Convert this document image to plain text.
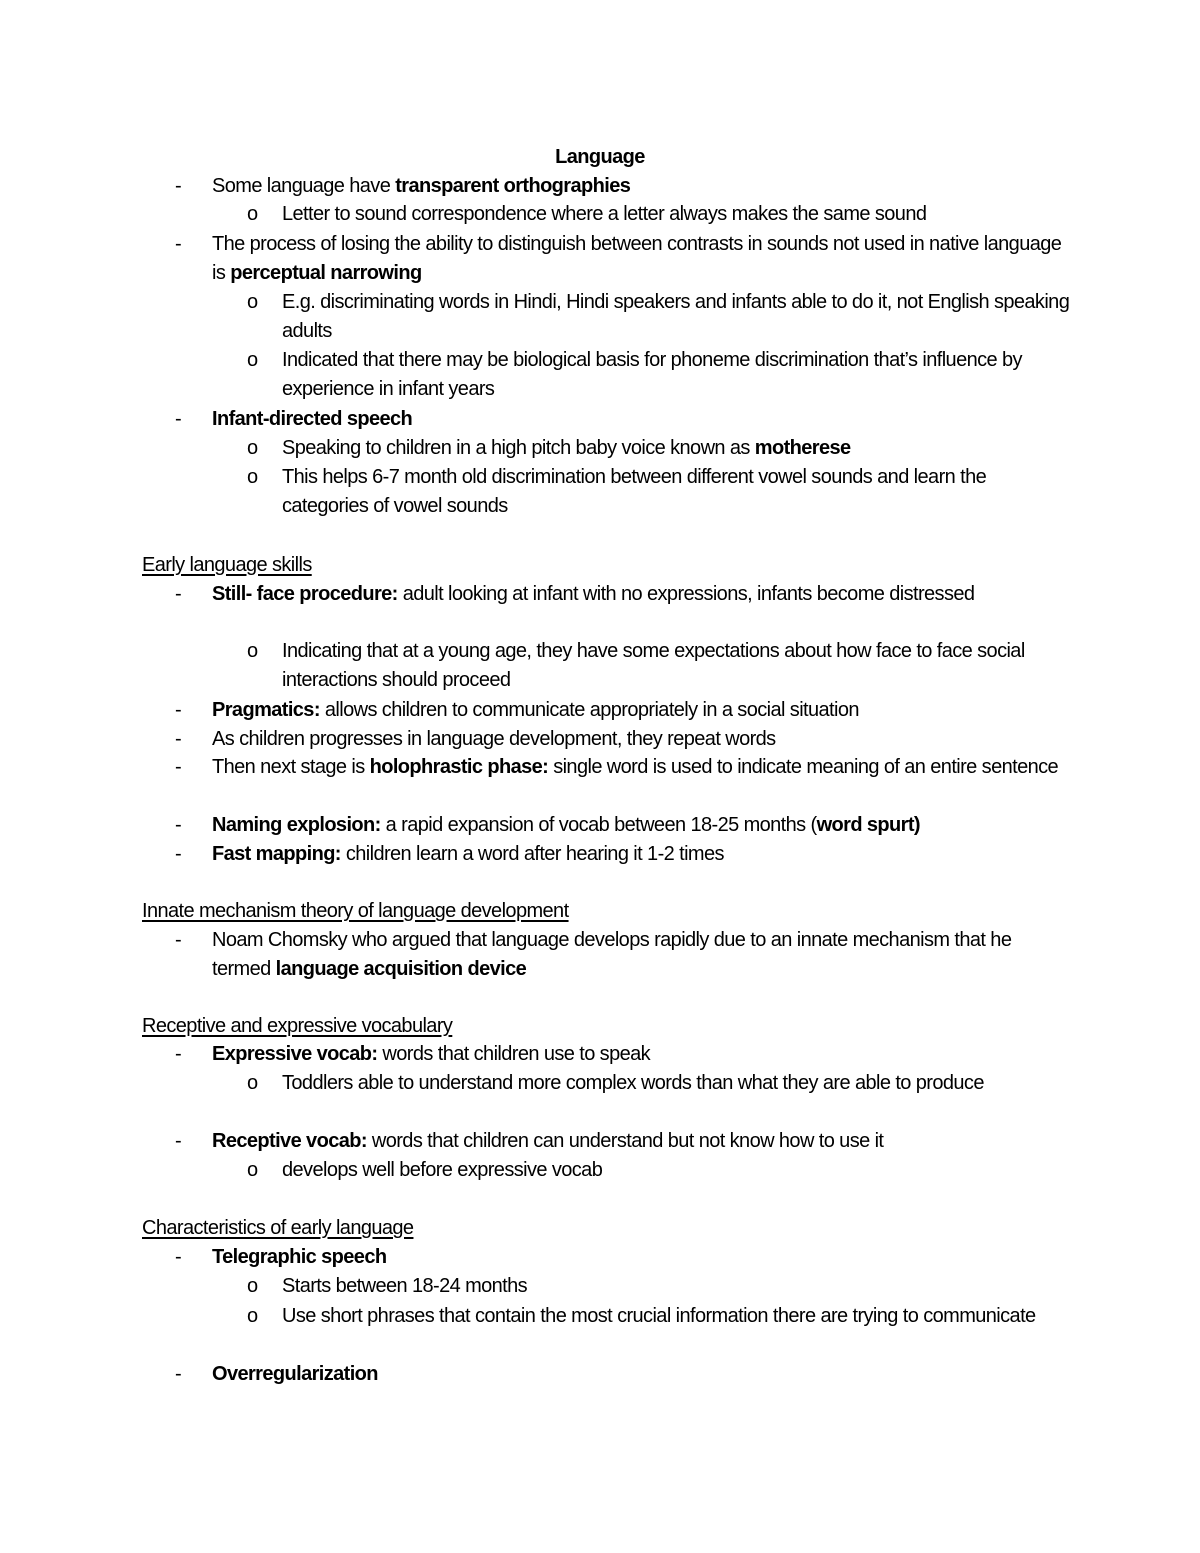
Language
- Some language have transparent orthographies
o Letter to sound correspondence where a letter always makes the same sound
- The process of losing the ability to distinguish between contrasts in sounds not used in native language is perceptual narrowing
o E.g. discriminating words in Hindi, Hindi speakers and infants able to do it, not English speaking adults
o Indicated that there may be biological basis for phoneme discrimination that’s influence by experience in infant years
- Infant-directed speech
o Speaking to children in a high pitch baby voice known as motherese
o This helps 6-7 month old discrimination between different vowel sounds and learn the categories of vowel sounds
Early language skills
- Still- face procedure: adult looking at infant with no expressions, infants become distressed
o Indicating that at a young age, they have some expectations about how face to face social interactions should proceed
- Pragmatics: allows children to communicate appropriately in a social situation
- As children progresses in language development, they repeat words
- Then next stage is holophrastic phase: single word is used to indicate meaning of an entire sentence
- Naming explosion: a rapid expansion of vocab between 18-25 months (word spurt)
- Fast mapping: children learn a word after hearing it 1-2 times
Innate mechanism theory of language development
- Noam Chomsky who argued that language develops rapidly due to an innate mechanism that he termed language acquisition device
Receptive and expressive vocabulary
- Expressive vocab: words that children use to speak
o Toddlers able to understand more complex words than what they are able to produce
- Receptive vocab: words that children can understand but not know how to use it
o develops well before expressive vocab
Characteristics of early language
- Telegraphic speech
o Starts between 18-24 months
o Use short phrases that contain the most crucial information there are trying to communicate
- Overregularization
